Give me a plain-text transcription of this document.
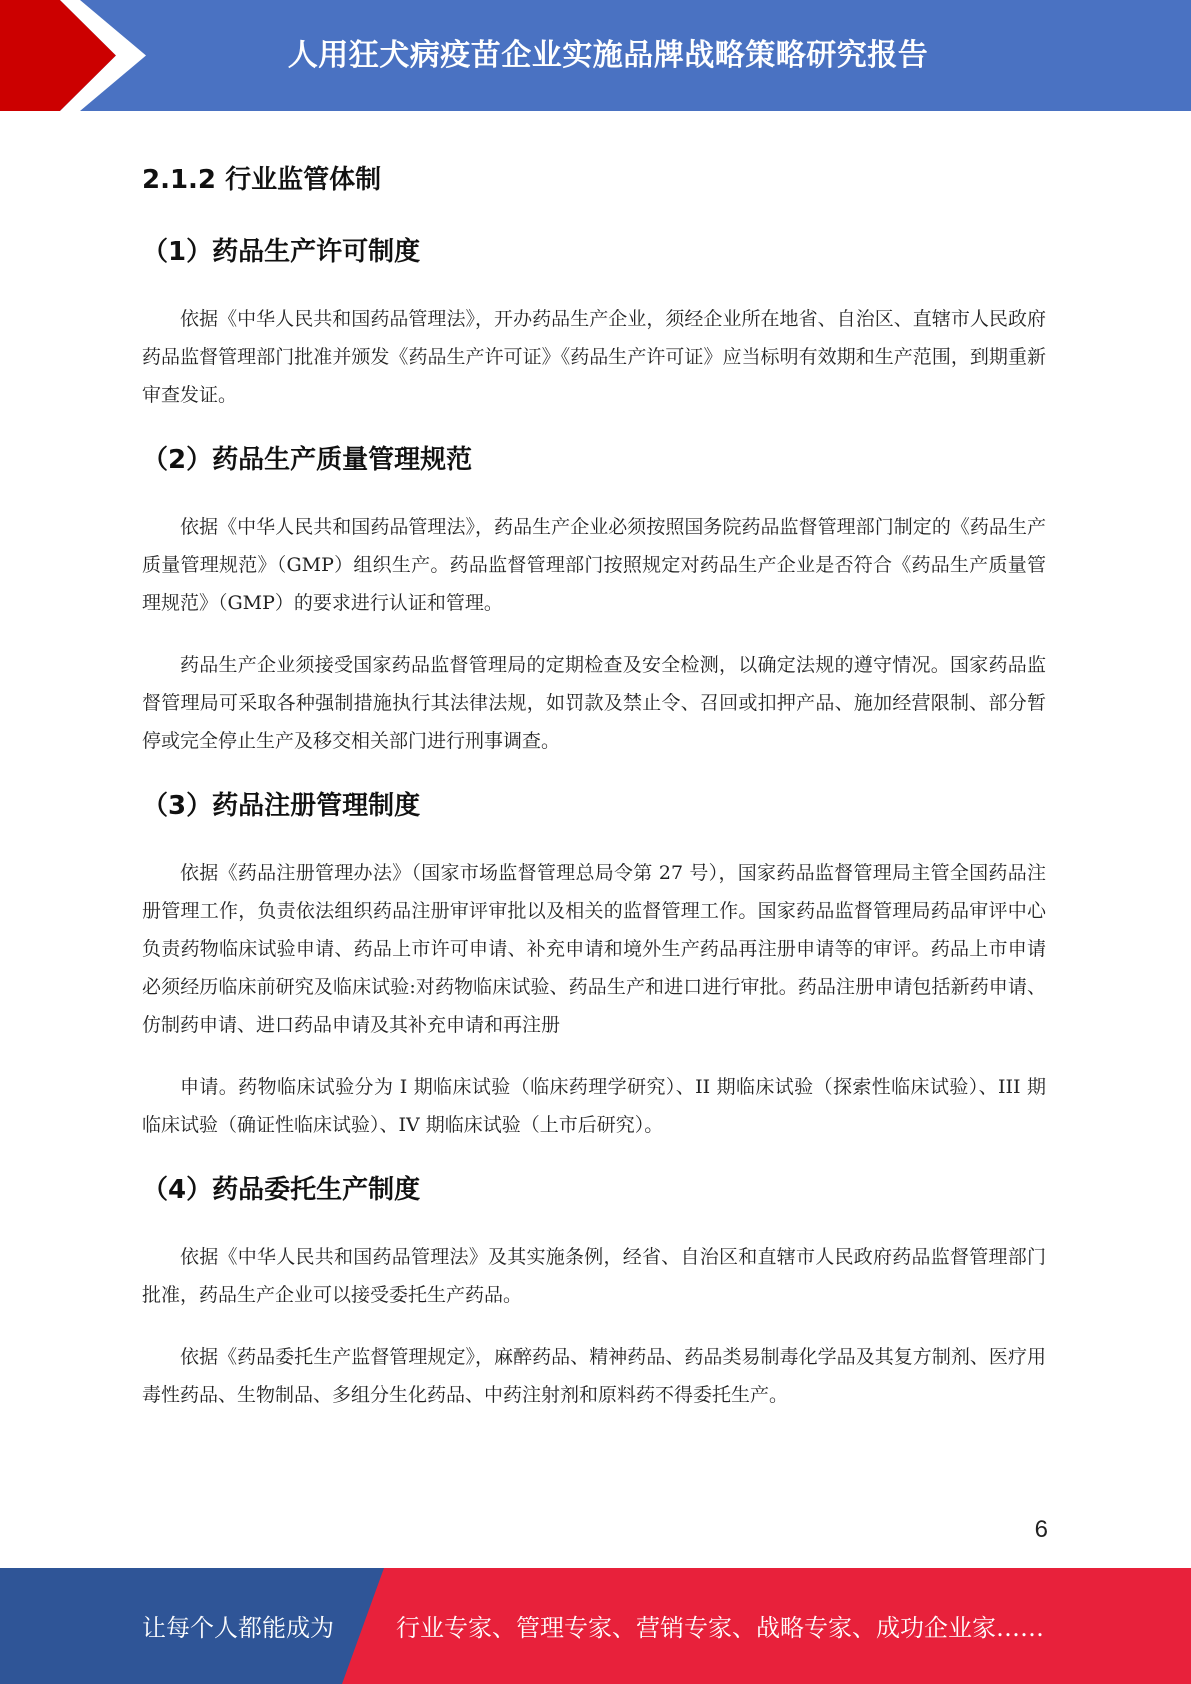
人用狂犬病疫苗企业实施品牌战略策略研究报告
2.1.2 行业监管体制
（1）药品生产许可制度

依据《中华人民共和国药品管理法》，开办药品生产企业，须经企业所在地省、自治区、直辖市人民政府药品监督管理部门批准并颁发《药品生产许可证》《药品生产许可证》应当标明有效期和生产范围，到期重新审查发证。

（2）药品生产质量管理规范

依据《中华人民共和国药品管理法》，药品生产企业必须按照国务院药品监督管理部门制定的《药品生产质量管理规范》（GMP）组织生产。药品监督管理部门按照规定对药品生产企业是否符合《药品生产质量管理规范》（GMP）的要求进行认证和管理。

药品生产企业须接受国家药品监督管理局的定期检查及安全检测，以确定法规的遵守情况。国家药品监督管理局可采取各种强制措施执行其法律法规，如罚款及禁止令、召回或扣押产品、施加经营限制、部分暂停或完全停止生产及移交相关部门进行刑事调查。

（3）药品注册管理制度

依据《药品注册管理办法》（国家市场监督管理总局令第 27 号），国家药品监督管理局主管全国药品注册管理工作，负责依法组织药品注册审评审批以及相关的监督管理工作。国家药品监督管理局药品审评中心负责药物临床试验申请、药品上市许可申请、补充申请和境外生产药品再注册申请等的审评。药品上市申请必须经历临床前研究及临床试验:对药物临床试验、药品生产和进口进行审批。药品注册申请包括新药申请、仿制药申请、进口药品申请及其补充申请和再注册

申请。药物临床试验分为 I 期临床试验（临床药理学研究）、II 期临床试验（探索性临床试验）、III 期临床试验（确证性临床试验）、IV 期临床试验（上市后研究）。

（4）药品委托生产制度

依据《中华人民共和国药品管理法》及其实施条例，经省、自治区和直辖市人民政府药品监督管理部门批准，药品生产企业可以接受委托生产药品。

依据《药品委托生产监督管理规定》，麻醉药品、精神药品、药品类易制毒化学品及其复方制剂、医疗用毒性药品、生物制品、多组分生化药品、中药注射剂和原料药不得委托生产。

6
让每个人都能成为	行业专家、管理专家、营销专家、战略专家、成功企业家……
